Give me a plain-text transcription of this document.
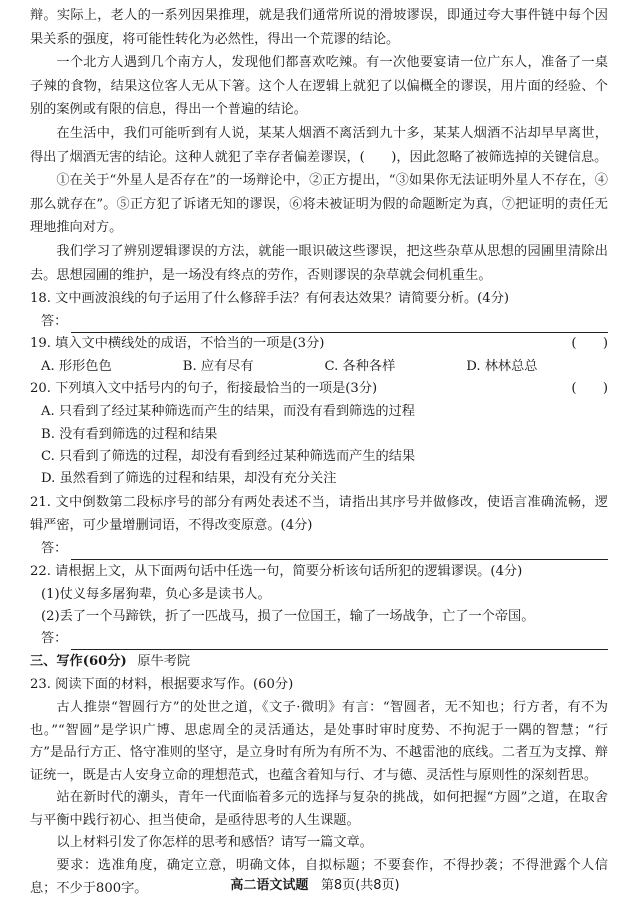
辩。实际上，老人的一系列因果推理，就是我们通常所说的滑坡谬误，即通过夸大事件链中每个因果关系的强度，将可能性转化为必然性，得出一个荒谬的结论。

一个北方人遇到几个南方人，发现他们都喜欢吃辣。有一次他要宴请一位广东人，准备了一桌子辣的食物，结果这位客人无从下箸。这个人在逻辑上就犯了以偏概全的谬误，用片面的经验、个别的案例或有限的信息，得出一个普遍的结论。

在生活中，我们可能听到有人说，某某人烟酒不离活到九十多，某某人烟酒不沾却早早离世，得出了烟酒无害的结论。这种人就犯了幸存者偏差谬误，(　　)，因此忽略了被筛选掉的关键信息。

①在关于“外星人是否存在”的一场辩论中，②正方提出，“③如果你无法证明外星人不存在，④那么就存在”。⑤正方犯了诉诸无知的谬误，⑥将未被证明为假的命题断定为真，⑦把证明的责任无理地推向对方。

我们学习了辨别逻辑谬误的方法，就能一眼识破这些谬误，把这些杂草从思想的园圃里清除出去。思想园圃的维护，是一场没有终点的劳作，否则谬误的杂草就会伺机重生。

18. 文中画波浪线的句子运用了什么修辞手法？有何表达效果？请简要分析。(4分)

答：
19. 填入文中横线处的成语，不恰当的一项是(3分)	(　　)
A. 形形色色	B. 应有尽有	C. 各种各样	D. 林林总总
20. 下列填入文中括号内的句子，衔接最恰当的一项是(3分)	(　　)
A. 只看到了经过某种筛选而产生的结果，而没有看到筛选的过程
B. 没有看到筛选的过程和结果
C. 只看到了筛选的过程，却没有看到经过某种筛选而产生的结果
D. 虽然看到了筛选的过程和结果，却没有充分关注

21. 文中倒数第二段标序号的部分有两处表述不当，请指出其序号并做修改，使语言准确流畅，逻辑严密，可少量增删词语，不得改变原意。(4分)

答：

22. 请根据上文，从下面两句话中任选一句，简要分析该句话所犯的逻辑谬误。(4分)

(1)仗义每多屠狗辈，负心多是读书人。
(2)丢了一个马蹄铁，折了一匹战马，损了一位国王，输了一场战争，亡了一个帝国。
答：
三、写作(60分) 原牛考院

23. 阅读下面的材料，根据要求写作。(60分)

古人推崇“智圆行方”的处世之道，《文子·微明》有言：“智圆者，无不知也；行方者，有不为也。”“智圆”是学识广博、思虑周全的灵活通达，是处事时审时度势、不拘泥于一隅的智慧；“行方”是品行方正、恪守准则的坚守，是立身时有所为有所不为、不越雷池的底线。二者互为支撑、辩证统一，既是古人安身立命的理想范式，也蕴含着知与行、才与德、灵活性与原则性的深刻哲思。

站在新时代的潮头，青年一代面临着多元的选择与复杂的挑战，如何把握“方圆”之道，在取舍与平衡中践行初心、担当使命，是亟待思考的人生课题。

以上材料引发了你怎样的思考和感悟？请写一篇文章。

要求：选准角度，确定立意，明确文体，自拟标题；不要套作，不得抄袭；不得泄露个人信息；不少于800字。	高二语文试题 第8页(共8页)
